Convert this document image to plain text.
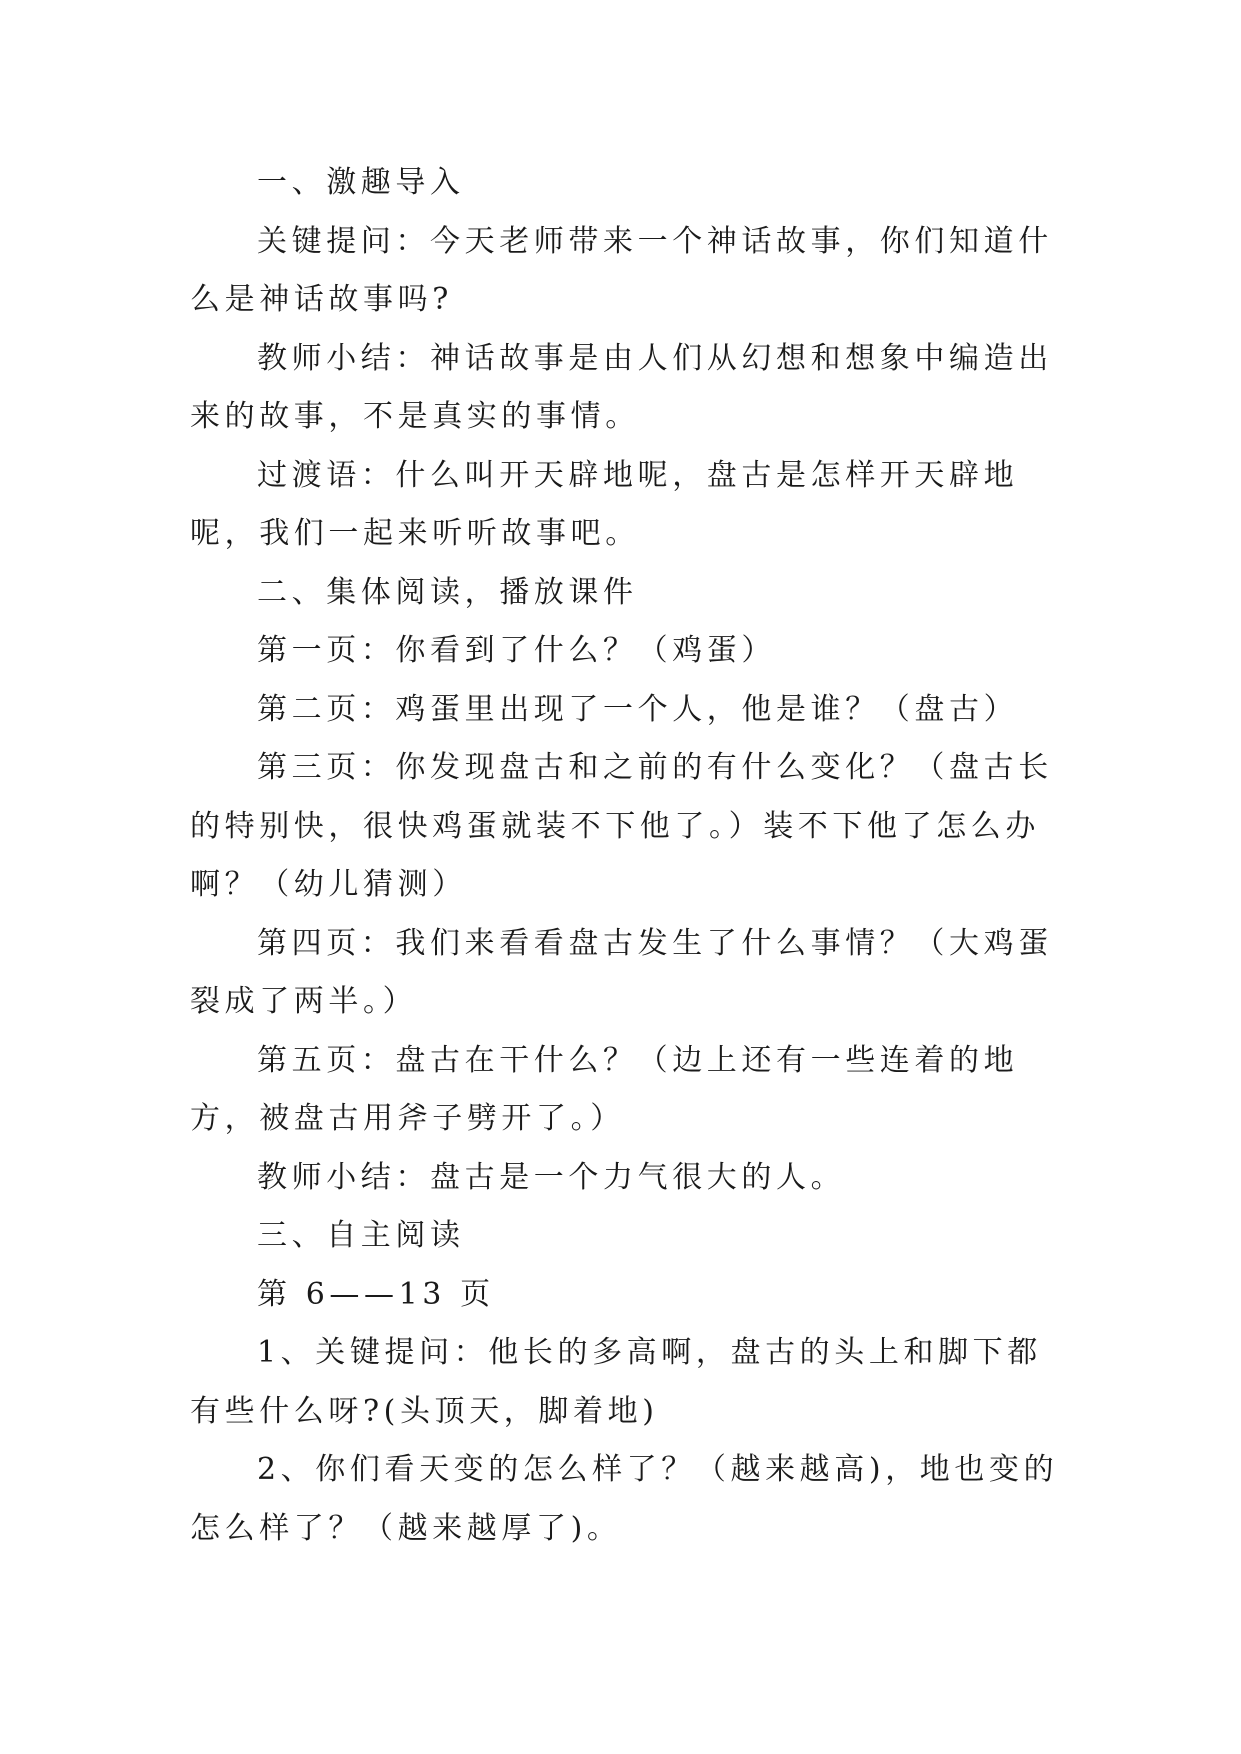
一、激趣导入

关键提问：今天老师带来一个神话故事，你们知道什么是神话故事吗?

教师小结：神话故事是由人们从幻想和想象中编造出来的故事，不是真实的事情。

过渡语：什么叫开天辟地呢，盘古是怎样开天辟地呢，我们一起来听听故事吧。

二、集体阅读，播放课件

第一页：你看到了什么？（鸡蛋）

第二页：鸡蛋里出现了一个人，他是谁？（盘古）

第三页：你发现盘古和之前的有什么变化？（盘古长的特别快，很快鸡蛋就装不下他了。）装不下他了怎么办啊？（幼儿猜测）

第四页：我们来看看盘古发生了什么事情？（大鸡蛋裂成了两半。）

第五页：盘古在干什么？（边上还有一些连着的地方，被盘古用斧子劈开了。）

教师小结：盘古是一个力气很大的人。

三、自主阅读

第 6——13 页

1、关键提问：他长的多高啊，盘古的头上和脚下都有些什么呀?(头顶天，脚着地)

2、你们看天变的怎么样了？（越来越高)，地也变的怎么样了？（越来越厚了)。
